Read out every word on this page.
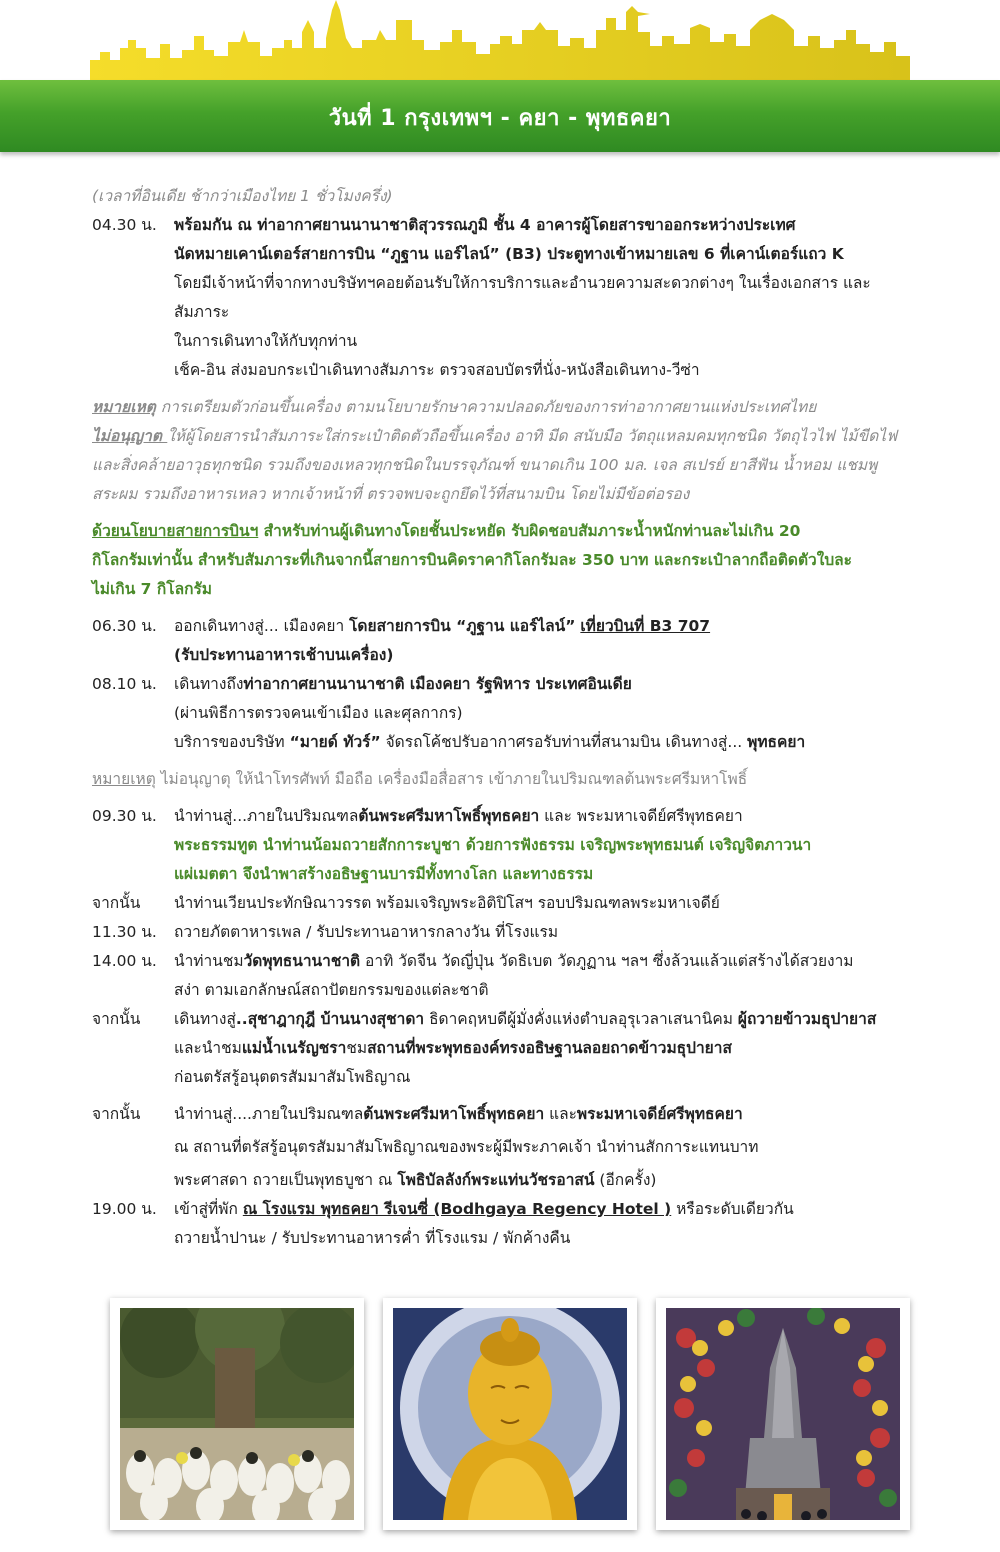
วันที่ 1 กรุงเทพฯ - คยา - พุทธคยา
(เวลาที่อินเดีย ช้ากว่าเมืองไทย 1 ชั่วโมงครึ่ง)
04.30 น.	พร้อมกัน ณ ท่าอากาศยานนานาชาติสุวรรณภูมิ ชั้น 4 อาคารผู้โดยสารขาออกระหว่างประเทศ
นัดหมายเคาน์เตอร์สายการบิน “ภูฐาน แอร์ไลน์” (B3) ประตูทางเข้าหมายเลข 6 ที่เคาน์เตอร์แถว K
โดยมีเจ้าหน้าที่จากทางบริษัทฯคอยต้อนรับให้การบริการและอำนวยความสะดวกต่างๆ ในเรื่องเอกสาร และสัมภาระ
ในการเดินทางให้กับทุกท่าน
เช็ค-อิน ส่งมอบกระเป๋าเดินทางสัมภาระ ตรวจสอบบัตรที่นั่ง-หนังสือเดินทาง-วีซ่า
หมายเหตุ การเตรียมตัวก่อนขึ้นเครื่อง ตามนโยบายรักษาความปลอดภัยของการท่าอากาศยานแห่งประเทศไทย
ไม่อนุญาต ให้ผู้โดยสารนำสัมภาระใส่กระเป๋าติดตัวถือขึ้นเครื่อง อาทิ มีด สนับมือ วัตถุแหลมคมทุกชนิด วัตถุไวไฟ ไม้ขีดไฟ
และสิ่งคล้ายอาวุธทุกชนิด รวมถึงของเหลวทุกชนิดในบรรจุภัณฑ์ ขนาดเกิน 100 มล. เจล สเปรย์ ยาสีฟัน น้ำหอม แชมพู
สระผม รวมถึงอาหารเหลว หากเจ้าหน้าที่ ตรวจพบจะถูกยึดไว้ที่สนามบิน โดยไม่มีข้อต่อรอง
ด้วยนโยบายสายการบินฯ สำหรับท่านผู้เดินทางโดยชั้นประหยัด รับผิดชอบสัมภาระน้ำหนักท่านละไม่เกิน 20
กิโลกรัมเท่านั้น สำหรับสัมภาระที่เกินจากนี้สายการบินคิดราคากิโลกรัมละ 350 บาท และกระเป๋าลากถือติดตัวใบละ
ไม่เกิน 7 กิโลกรัม
06.30 น.	ออกเดินทางสู่... เมืองคยา โดยสายการบิน “ภูฐาน แอร์ไลน์” เที่ยวบินที่ B3 707
(รับประทานอาหารเช้าบนเครื่อง)
08.10 น.	เดินทางถึงท่าอากาศยานนานาชาติ เมืองคยา รัฐพิหาร ประเทศอินเดีย
(ผ่านพิธีการตรวจคนเข้าเมือง และศุลกากร)
บริการของบริษัท “มายด์ ทัวร์” จัดรถโค้ชปรับอากาศรอรับท่านที่สนามบิน เดินทางสู่... พุทธคยา
หมายเหตุ ไม่อนุญาตุ ให้นำโทรศัพท์ มือถือ เครื่องมือสื่อสาร เข้าภายในปริมณฑลต้นพระศรีมหาโพธิ์
09.30 น.	นำท่านสู่...ภายในปริมณฑลต้นพระศรีมหาโพธิ์พุทธคยา และ พระมหาเจดีย์ศรีพุทธคยา
พระธรรมทูต นำท่านน้อมถวายสักการะบูชา ด้วยการฟังธรรม เจริญพระพุทธมนต์ เจริญจิตภาวนา
แผ่เมตตา จึงนำพาสร้างอธิษฐานบารมีทั้งทางโลก และทางธรรม
จากนั้น	นำท่านเวียนประทักษิณาวรรต พร้อมเจริญพระอิติปิโสฯ รอบปริมณฑลพระมหาเจดีย์
11.30 น.	ถวายภัตตาหารเพล / รับประทานอาหารกลางวัน ที่โรงแรม
14.00 น.	นำท่านชมวัดพุทธนานาชาติ อาทิ วัดจีน วัดญี่ปุ่น วัดธิเบต วัดภูฏาน ฯลฯ ซึ่งล้วนแล้วแต่สร้างได้สวยงาม
สง่า ตามเอกลักษณ์สถาปัตยกรรมของแต่ละชาติ
จากนั้น	เดินทางสู่..สุชาฎากุฎี บ้านนางสุชาดา ธิดาคฤหบดีผู้มั่งคั่งแห่งตำบลอุรุเวลาเสนานิคม ผู้ถวายข้าวมธุปายาส
และนำชมแม่น้ำเนรัญชราชมสถานที่พระพุทธองค์ทรงอธิษฐานลอยถาดข้าวมธุปายาส
ก่อนตรัสรู้อนุตตรสัมมาสัมโพธิญาณ
จากนั้น	นำท่านสู่....ภายในปริมณฑลต้นพระศรีมหาโพธิ์พุทธคยา และพระมหาเจดีย์ศรีพุทธคยา
ณ สถานที่ตรัสรู้อนุตรสัมมาสัมโพธิญาณของพระผู้มีพระภาคเจ้า นำท่านสักการะแทนบาท
พระศาสดา ถวายเป็นพุทธบูชา ณ โพธิบัลลังก์พระแท่นวัชรอาสน์ (อีกครั้ง)
19.00 น.	เข้าสู่ที่พัก ณ โรงแรม พุทธคยา รีเจนซี่ (Bodhgaya Regency Hotel ) หรือระดับเดียวกัน
ถวายน้ำปานะ / รับประทานอาหารค่ำ ที่โรงแรม / พักค้างคืน
